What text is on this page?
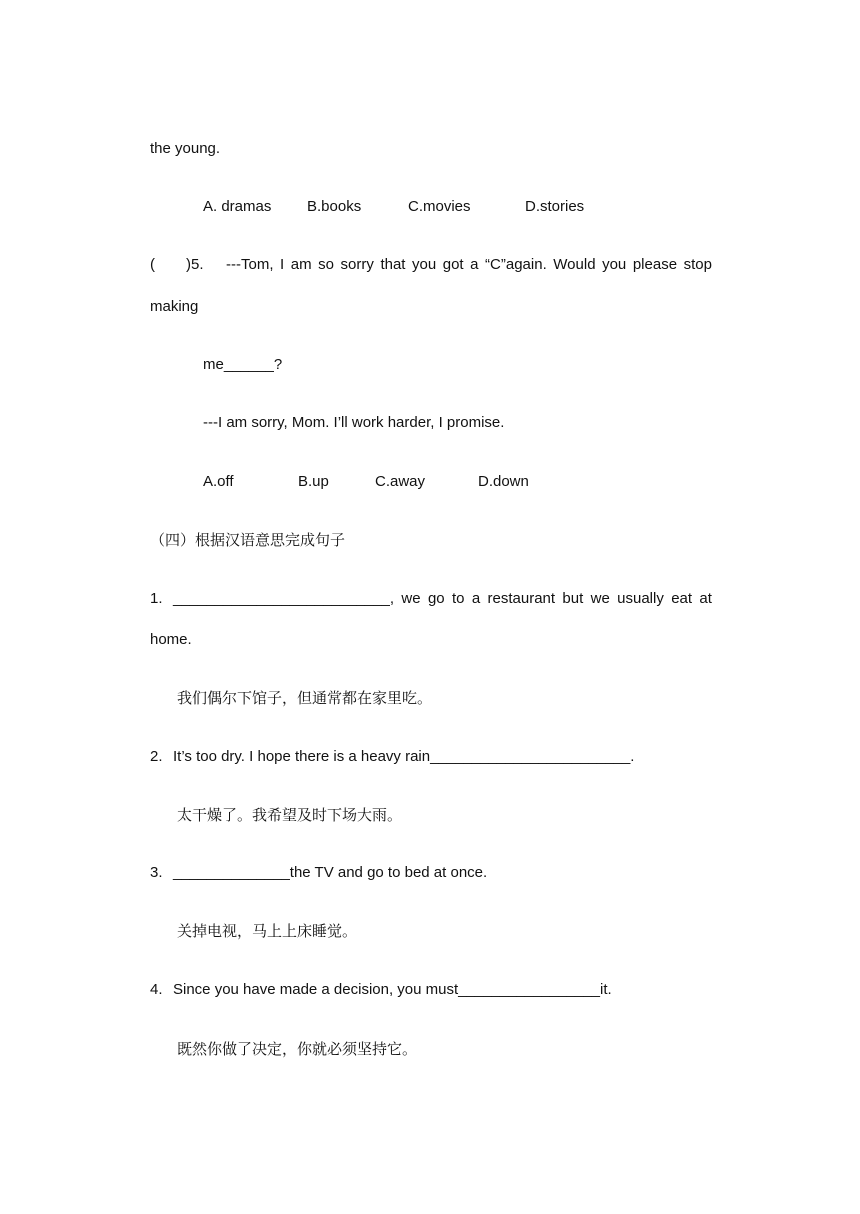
the young.
A. dramas B.books	C.movies	D.stories
( )5. ---Tom, I am so sorry that you got a “C”again. Would you please stop
making
me______?
---I am sorry, Mom. I’ll work harder, I promise.
A.off	B.up	C.away	D.down
（四）根据汉语意思完成句子
1. __________________________, we go to a restaurant but we usually eat at
home.
我们偶尔下馆子，但通常都在家里吃。
2. It’s too dry. I hope there is a heavy rain________________________.
太干燥了。我希望及时下场大雨。
3. ______________the TV and go to bed at once.
关掉电视，马上上床睡觉。
4. Since you have made a decision, you must_________________it.
既然你做了决定，你就必须坚持它。
